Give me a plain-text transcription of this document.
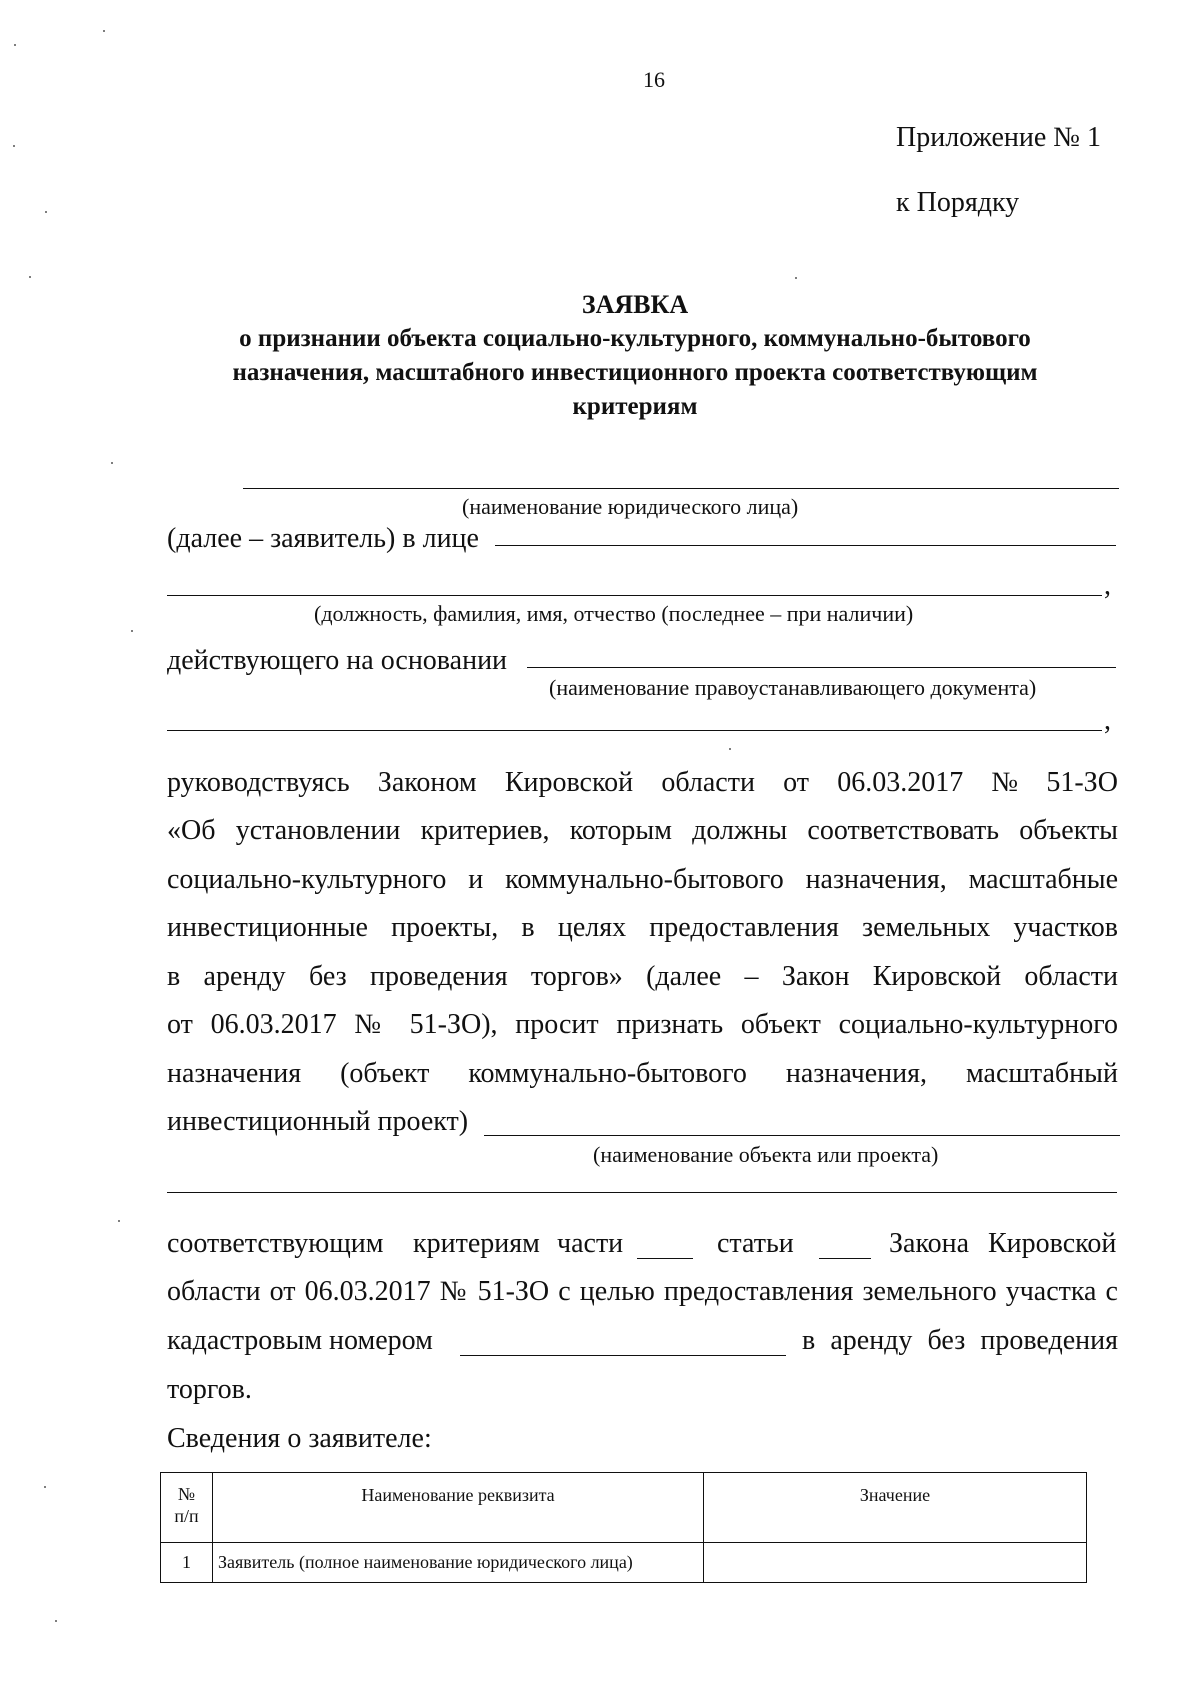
16
Приложение № 1
к Порядку
ЗАЯВКА
о признании объекта социально-культурного, коммунально-бытового
назначения, масштабного инвестиционного проекта соответствующим
критериям
(наименование юридического лица)
(далее – заявитель) в лице
,
(должность, фамилия, имя, отчество (последнее – при наличии)
действующего на основании
(наименование правоустанавливающего документа)
,
руководствуясь Законом Кировской области от 06.03.2017 № 51-ЗО
«Об установлении критериев, которым должны соответствовать объекты
социально-культурного и коммунально-бытового назначения, масштабные
инвестиционные проекты, в целях предоставления земельных участков
в аренду без проведения торгов» (далее – Закон Кировской области
от 06.03.2017 № 51-ЗО), просит признать объект социально-культурного
назначения (объект коммунально-бытового назначения, масштабный
инвестиционный проект)
(наименование объекта или проекта)
соответствующим критериям части	статьи	Закона Кировской
области от 06.03.2017 № 51-ЗО с целью предоставления земельного участка с
кадастровым номером	в аренду без проведения
торгов.
Сведения о заявителе:
№
п/п	Наименование реквизита	Значение
1	Заявитель (полное наименование юридического лица)	
